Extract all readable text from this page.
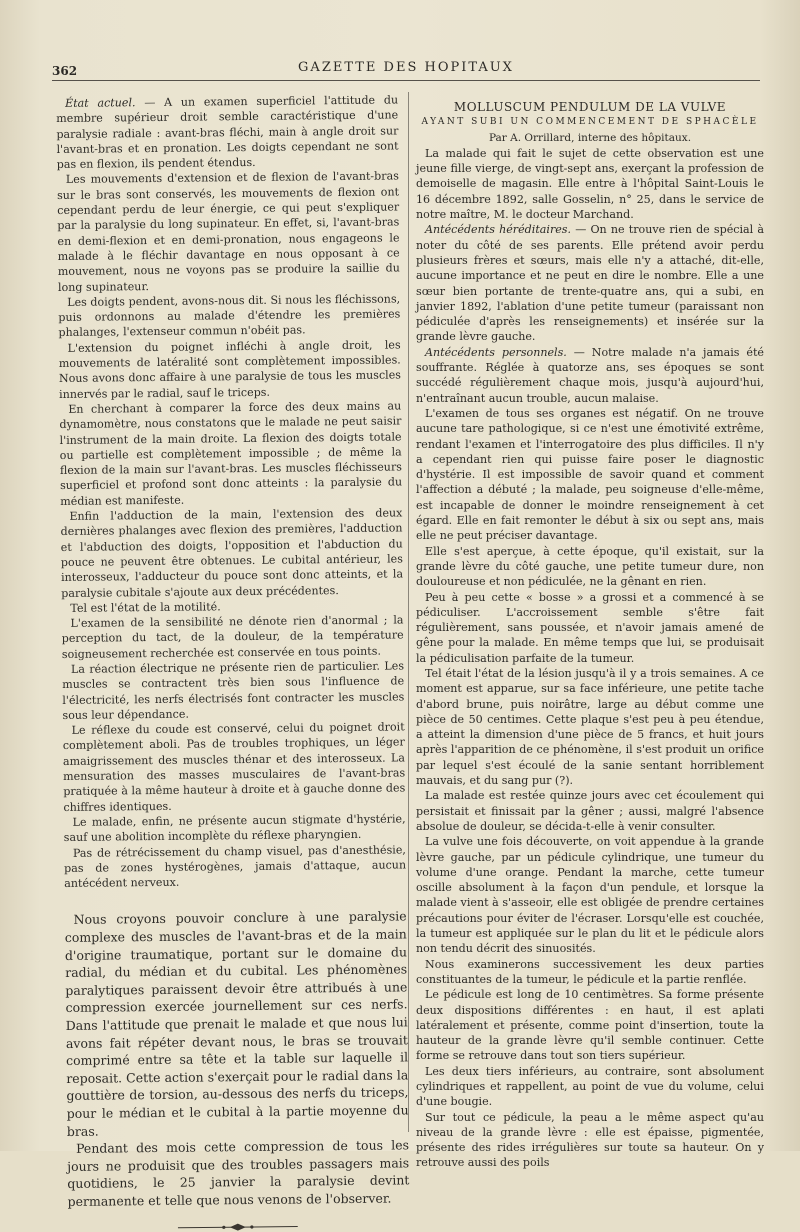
362	GAZETTE DES HOPITAUX

État actuel. — A un examen superficiel l'attitude du membre supérieur droit semble caractéristique d'une paralysie radiale : avant-bras fléchi, main à angle droit sur l'avant-bras et en pronation. Les doigts cependant ne sont pas en flexion, ils pendent étendus.

Les mouvements d'extension et de flexion de l'avant-bras sur le bras sont conservés, les mouvements de flexion ont cependant perdu de leur énergie, ce qui peut s'expliquer par la paralysie du long supinateur. En effet, si, l'avant-bras en demi-flexion et en demi-pronation, nous engageons le malade à le fléchir davantage en nous opposant à ce mouvement, nous ne voyons pas se produire la saillie du long supinateur.

Les doigts pendent, avons-nous dit. Si nous les fléchissons, puis ordonnons au malade d'étendre les premières phalanges, l'extenseur commun n'obéit pas.

L'extension du poignet infléchi à angle droit, les mouvements de latéralité sont complètement impossibles. Nous avons donc affaire à une paralysie de tous les muscles innervés par le radial, sauf le triceps.

En cherchant à comparer la force des deux mains au dynamomètre, nous constatons que le malade ne peut saisir l'instrument de la main droite. La flexion des doigts totale ou partielle est complètement impossible ; de même la flexion de la main sur l'avant-bras. Les muscles fléchisseurs superficiel et profond sont donc atteints : la paralysie du médian est manifeste.

Enfin l'adduction de la main, l'extension des deux dernières phalanges avec flexion des premières, l'adduction et l'abduction des doigts, l'opposition et l'abduction du pouce ne peuvent être obtenues. Le cubital antérieur, les interosseux, l'adducteur du pouce sont donc atteints, et la paralysie cubitale s'ajoute aux deux précédentes.

Tel est l'état de la motilité.

L'examen de la sensibilité ne dénote rien d'anormal ; la perception du tact, de la douleur, de la température soigneusement recherchée est conservée en tous points.

La réaction électrique ne présente rien de particulier. Les muscles se contractent très bien sous l'influence de l'électricité, les nerfs électrisés font contracter les muscles sous leur dépendance.

Le réflexe du coude est conservé, celui du poignet droit complètement aboli. Pas de troubles trophiques, un léger amaigrissement des muscles thénar et des interosseux. La mensuration des masses musculaires de l'avant-bras pratiquée à la même hauteur à droite et à gauche donne des chiffres identiques.

Le malade, enfin, ne présente aucun stigmate d'hystérie, sauf une abolition incomplète du réflexe pharyngien.

Pas de rétrécissement du champ visuel, pas d'anesthésie, pas de zones hystérogènes, jamais d'attaque, aucun antécédent nerveux.

Nous croyons pouvoir conclure à une paralysie complexe des muscles de l'avant-bras et de la main d'origine traumatique, portant sur le domaine du radial, du médian et du cubital. Les phénomènes paralytiques paraissent devoir être attribués à une compression exercée journellement sur ces nerfs. Dans l'attitude que prenait le malade et que nous lui avons fait répéter devant nous, le bras se trouvait comprimé entre sa tête et la table sur laquelle il reposait. Cette action s'exerçait pour le radial dans la gouttière de torsion, au-dessous des nerfs du triceps, pour le médian et le cubital à la partie moyenne du bras.

Pendant des mois cette compression de tous les jours ne produisit que des troubles passagers mais quotidiens, le 25 janvier la paralysie devint permanente et telle que nous venons de l'observer.

MOLLUSCUM PENDULUM DE LA VULVE

AYANT SUBI UN COMMENCEMENT DE SPHACÈLE

Par A. Orrillard, interne des hôpitaux.

La malade qui fait le sujet de cette observation est une jeune fille vierge, de vingt-sept ans, exerçant la profession de demoiselle de magasin. Elle entre à l'hôpital Saint-Louis le 16 décembre 1892, salle Gosselin, n° 25, dans le service de notre maître, M. le docteur Marchand.

Antécédents héréditaires. — On ne trouve rien de spécial à noter du côté de ses parents. Elle prétend avoir perdu plusieurs frères et sœurs, mais elle n'y a attaché, dit-elle, aucune importance et ne peut en dire le nombre. Elle a une sœur bien portante de trente-quatre ans, qui a subi, en janvier 1892, l'ablation d'une petite tumeur (paraissant non pédiculée d'après les renseignements) et insérée sur la grande lèvre gauche.

Antécédents personnels. — Notre malade n'a jamais été souffrante. Réglée à quatorze ans, ses époques se sont succédé régulièrement chaque mois, jusqu'à aujourd'hui, n'entraînant aucun trouble, aucun malaise.

L'examen de tous ses organes est négatif. On ne trouve aucune tare pathologique, si ce n'est une émotivité extrême, rendant l'examen et l'interrogatoire des plus difficiles. Il n'y a cependant rien qui puisse faire poser le diagnostic d'hystérie. Il est impossible de savoir quand et comment l'affection a débuté ; la malade, peu soigneuse d'elle-même, est incapable de donner le moindre renseignement à cet égard. Elle en fait remonter le début à six ou sept ans, mais elle ne peut préciser davantage.

Elle s'est aperçue, à cette époque, qu'il existait, sur la grande lèvre du côté gauche, une petite tumeur dure, non douloureuse et non pédiculée, ne la gênant en rien.

Peu à peu cette « bosse » a grossi et a commencé à se pédiculiser. L'accroissement semble s'être fait régulièrement, sans poussée, et n'avoir jamais amené de gêne pour la malade. En même temps que lui, se produisait la pédiculisation parfaite de la tumeur.

Tel était l'état de la lésion jusqu'à il y a trois semaines. A ce moment est apparue, sur sa face inférieure, une petite tache d'abord brune, puis noirâtre, large au début comme une pièce de 50 centimes. Cette plaque s'est peu à peu étendue, a atteint la dimension d'une pièce de 5 francs, et huit jours après l'apparition de ce phénomène, il s'est produit un orifice par lequel s'est écoulé de la sanie sentant horriblement mauvais, et du sang pur (?).

La malade est restée quinze jours avec cet écoulement qui persistait et finissait par la gêner ; aussi, malgré l'absence absolue de douleur, se décida-t-elle à venir consulter.

La vulve une fois découverte, on voit appendue à la grande lèvre gauche, par un pédicule cylindrique, une tumeur du volume d'une orange. Pendant la marche, cette tumeur oscille absolument à la façon d'un pendule, et lorsque la malade vient à s'asseoir, elle est obligée de prendre certaines précautions pour éviter de l'écraser. Lorsqu'elle est couchée, la tumeur est appliquée sur le plan du lit et le pédicule alors non tendu décrit des sinuosités.

Nous examinerons successivement les deux parties constituantes de la tumeur, le pédicule et la partie renflée.

Le pédicule est long de 10 centimètres. Sa forme présente deux dispositions différentes : en haut, il est aplati latéralement et présente, comme point d'insertion, toute la hauteur de la grande lèvre qu'il semble continuer. Cette forme se retrouve dans tout son tiers supérieur.

Les deux tiers inférieurs, au contraire, sont absolument cylindriques et rappellent, au point de vue du volume, celui d'une bougie.

Sur tout ce pédicule, la peau a le même aspect qu'au niveau de la grande lèvre : elle est épaisse, pigmentée, présente des rides irrégulières sur toute sa hauteur. On y retrouve aussi des poils
